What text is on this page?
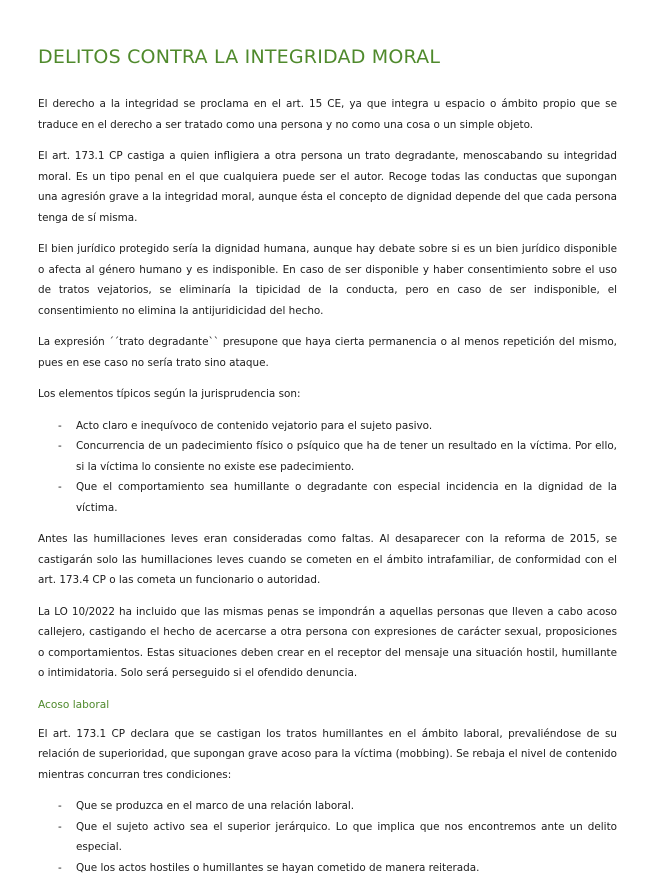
DELITOS CONTRA LA INTEGRIDAD MORAL

El derecho a la integridad se proclama en el art. 15 CE, ya que integra u espacio o ámbito propio que se traduce en el derecho a ser tratado como una persona y no como una cosa o un simple objeto.

El art. 173.1 CP castiga a quien infligiera a otra persona un trato degradante, menoscabando su integridad moral. Es un tipo penal en el que cualquiera puede ser el autor. Recoge todas las conductas que supongan una agresión grave a la integridad moral, aunque ésta el concepto de dignidad depende del que cada persona tenga de sí misma.

El bien jurídico protegido sería la dignidad humana, aunque hay debate sobre si es un bien jurídico disponible o afecta al género humano y es indisponible. En caso de ser disponible y haber consentimiento sobre el uso de tratos vejatorios, se eliminaría la tipicidad de la conducta, pero en caso de ser indisponible, el consentimiento no elimina la antijuridicidad del hecho.

La expresión ´´trato degradante`` presupone que haya cierta permanencia o al menos repetición del mismo, pues en ese caso no sería trato sino ataque.

Los elementos típicos según la jurisprudencia son:

- Acto claro e inequívoco de contenido vejatorio para el sujeto pasivo.
- Concurrencia de un padecimiento físico o psíquico que ha de tener un resultado en la víctima. Por ello, si la víctima lo consiente no existe ese padecimiento.
- Que el comportamiento sea humillante o degradante con especial incidencia en la dignidad de la víctima.

Antes las humillaciones leves eran consideradas como faltas. Al desaparecer con la reforma de 2015, se castigarán solo las humillaciones leves cuando se cometen en el ámbito intrafamiliar, de conformidad con el art. 173.4 CP o las cometa un funcionario o autoridad.

La LO 10/2022 ha incluido que las mismas penas se impondrán a aquellas personas que lleven a cabo acoso callejero, castigando el hecho de acercarse a otra persona con expresiones de carácter sexual, proposiciones o comportamientos. Estas situaciones deben crear en el receptor del mensaje una situación hostil, humillante o intimidatoria. Solo será perseguido si el ofendido denuncia.

Acoso laboral

El art. 173.1 CP declara que se castigan los tratos humillantes en el ámbito laboral, prevaliéndose de su relación de superioridad, que supongan grave acoso para la víctima (mobbing). Se rebaja el nivel de contenido mientras concurran tres condiciones:

- Que se produzca en el marco de una relación laboral.
- Que el sujeto activo sea el superior jerárquico. Lo que implica que nos encontremos ante un delito especial.
- Que los actos hostiles o humillantes se hayan cometido de manera reiterada.
